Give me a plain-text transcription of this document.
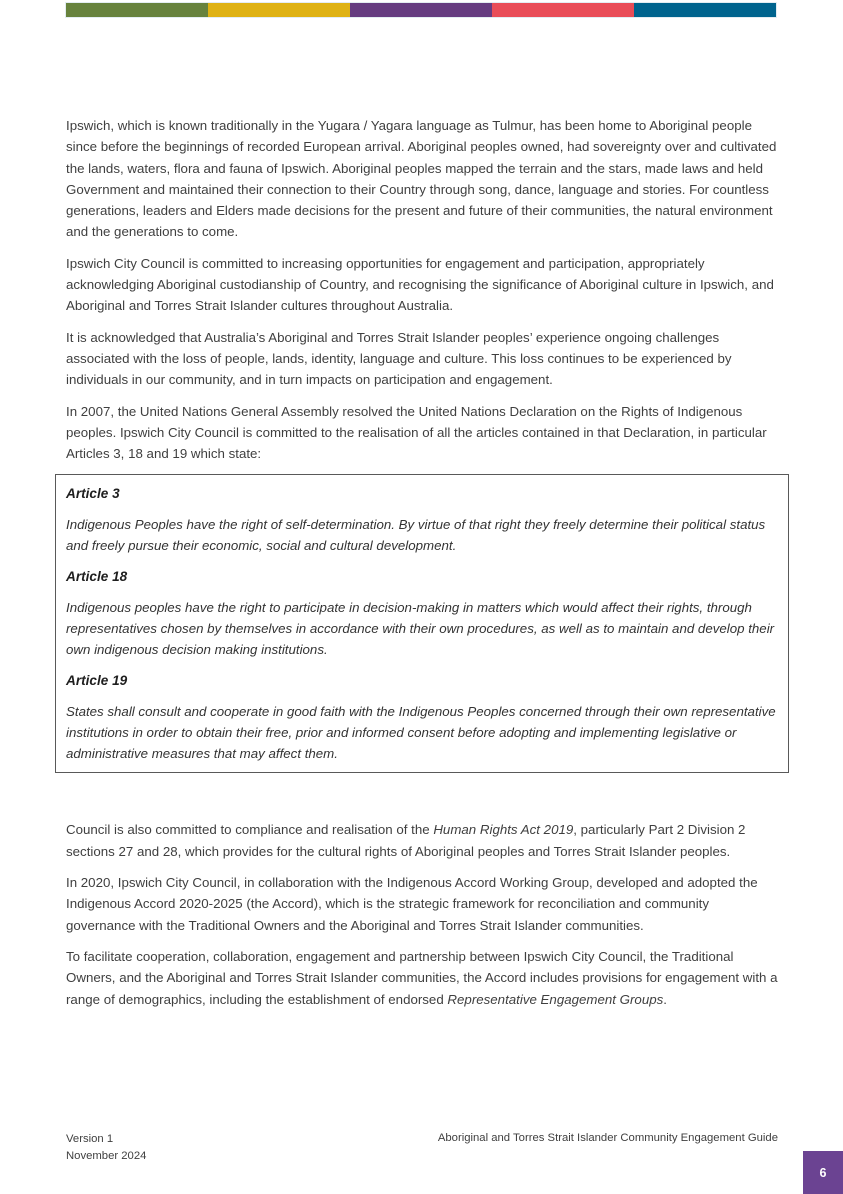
Ipswich, which is known traditionally in the Yugara / Yagara language as Tulmur, has been home to Aboriginal people since before the beginnings of recorded European arrival. Aboriginal peoples owned, had sovereignty over and cultivated the lands, waters, flora and fauna of Ipswich. Aboriginal peoples mapped the terrain and the stars, made laws and held Government and maintained their connection to their Country through song, dance, language and stories. For countless generations, leaders and Elders made decisions for the present and future of their communities, the natural environment and the generations to come.

Ipswich City Council is committed to increasing opportunities for engagement and participation, appropriately acknowledging Aboriginal custodianship of Country, and recognising the significance of Aboriginal culture in Ipswich, and Aboriginal and Torres Strait Islander cultures throughout Australia.

It is acknowledged that Australia’s Aboriginal and Torres Strait Islander peoples’ experience ongoing challenges associated with the loss of people, lands, identity, language and culture. This loss continues to be experienced by individuals in our community, and in turn impacts on participation and engagement.

In 2007, the United Nations General Assembly resolved the United Nations Declaration on the Rights of Indigenous peoples. Ipswich City Council is committed to the realisation of all the articles contained in that Declaration, in particular Articles 3, 18 and 19 which state:

Article 3

Indigenous Peoples have the right of self-determination. By virtue of that right they freely determine their political status and freely pursue their economic, social and cultural development.

Article 18

Indigenous peoples have the right to participate in decision-making in matters which would affect their rights, through representatives chosen by themselves in accordance with their own procedures, as well as to maintain and develop their own indigenous decision making institutions.

Article 19

States shall consult and cooperate in good faith with the Indigenous Peoples concerned through their own representative institutions in order to obtain their free, prior and informed consent before adopting and implementing legislative or administrative measures that may affect them.

Council is also committed to compliance and realisation of the Human Rights Act 2019, particularly Part 2 Division 2 sections 27 and 28, which provides for the cultural rights of Aboriginal peoples and Torres Strait Islander peoples.

In 2020, Ipswich City Council, in collaboration with the Indigenous Accord Working Group, developed and adopted the Indigenous Accord 2020-2025 (the Accord), which is the strategic framework for reconciliation and community governance with the Traditional Owners and the Aboriginal and Torres Strait Islander communities.

To facilitate cooperation, collaboration, engagement and partnership between Ipswich City Council, the Traditional Owners, and the Aboriginal and Torres Strait Islander communities, the Accord includes provisions for engagement with a range of demographics, including the establishment of endorsed Representative Engagement Groups.

Version 1
November 2024
Aboriginal and Torres Strait Islander Community Engagement Guide
6
